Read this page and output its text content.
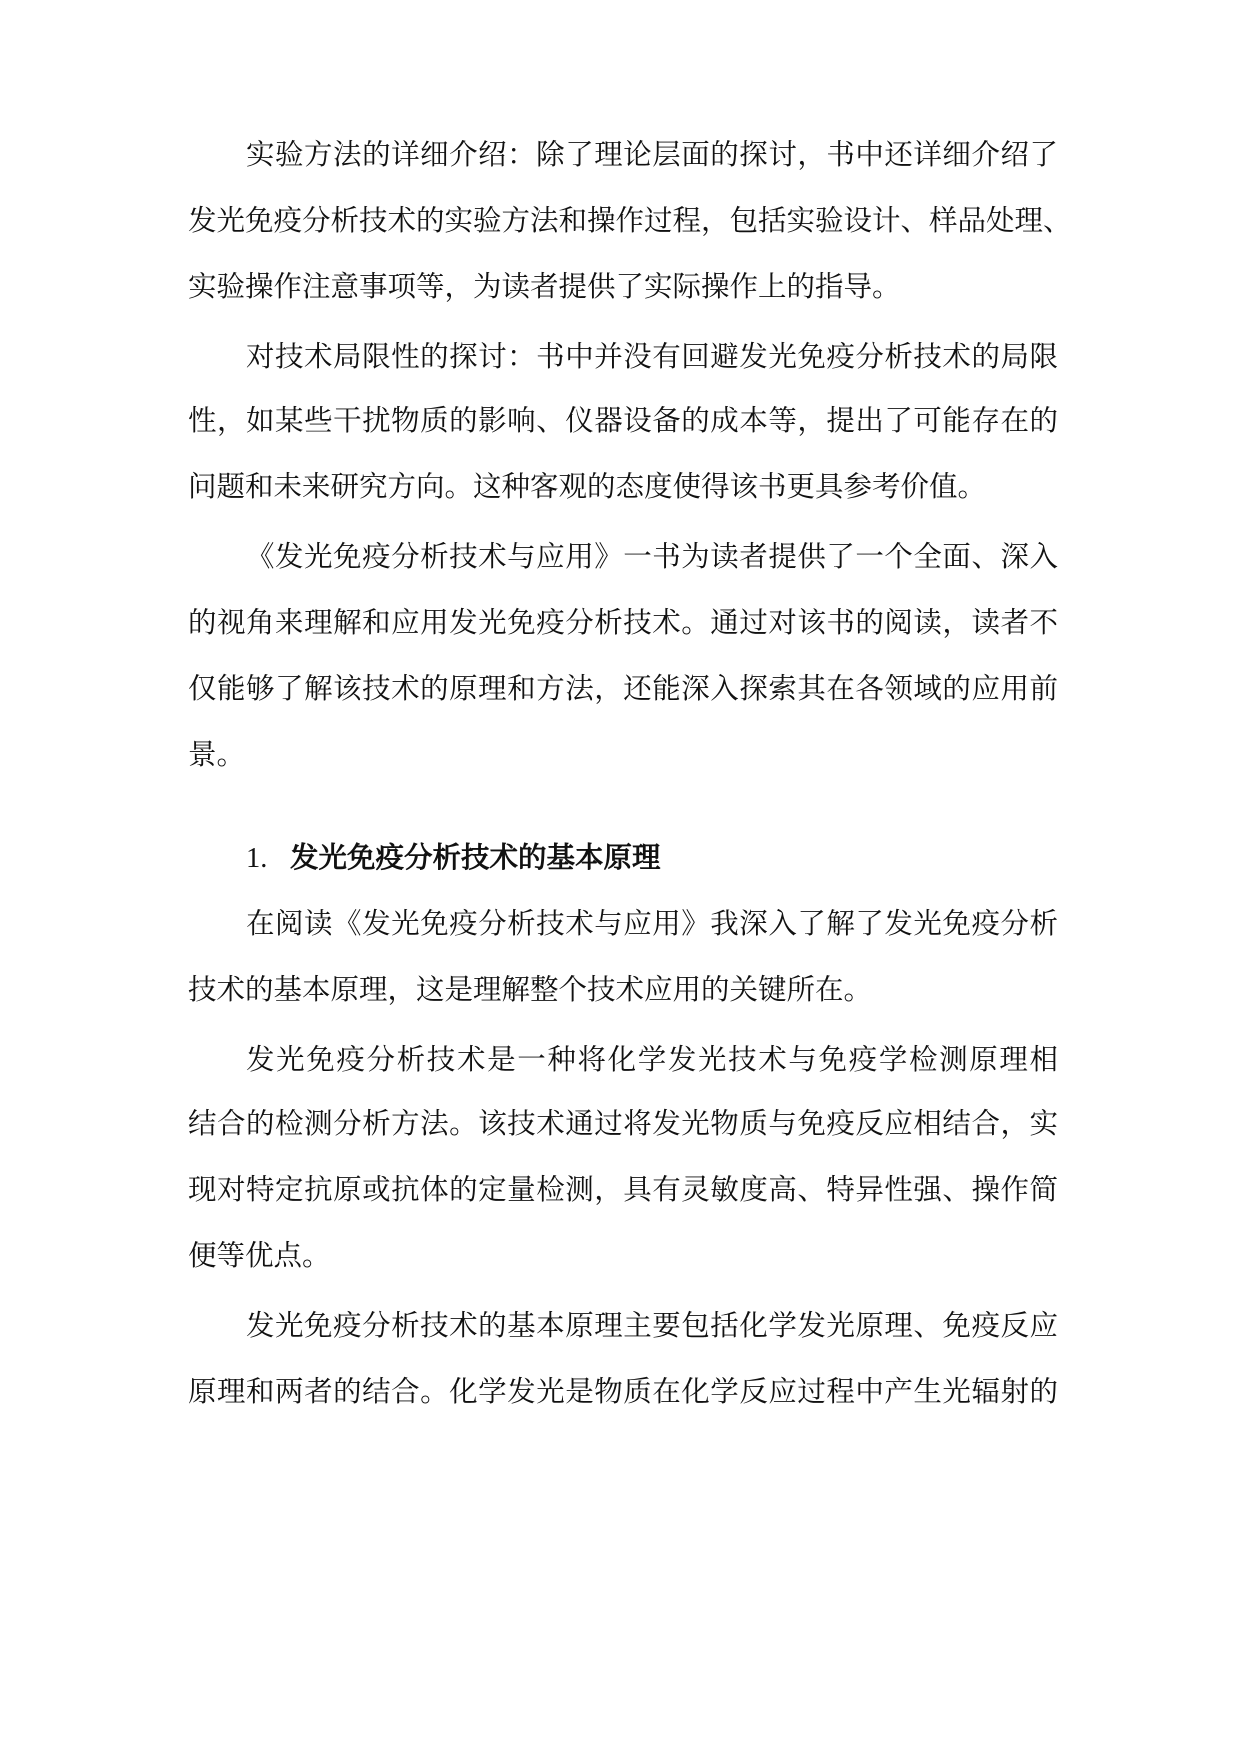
实验方法的详细介绍：除了理论层面的探讨，书中还详细介绍了
发光免疫分析技术的实验方法和操作过程，包括实验设计、样品处理、
实验操作注意事项等，为读者提供了实际操作上的指导。
对技术局限性的探讨：书中并没有回避发光免疫分析技术的局限
性，如某些干扰物质的影响、仪器设备的成本等，提出了可能存在的
问题和未来研究方向。这种客观的态度使得该书更具参考价值。
《发光免疫分析技术与应用》一书为读者提供了一个全面、深入
的视角来理解和应用发光免疫分析技术。通过对该书的阅读，读者不
仅能够了解该技术的原理和方法，还能深入探索其在各领域的应用前
景。
1. 发光免疫分析技术的基本原理
在阅读《发光免疫分析技术与应用》我深入了解了发光免疫分析
技术的基本原理，这是理解整个技术应用的关键所在。
发光免疫分析技术是一种将化学发光技术与免疫学检测原理相
结合的检测分析方法。该技术通过将发光物质与免疫反应相结合，实
现对特定抗原或抗体的定量检测，具有灵敏度高、特异性强、操作简
便等优点。
发光免疫分析技术的基本原理主要包括化学发光原理、免疫反应
原理和两者的结合。化学发光是物质在化学反应过程中产生光辐射的
